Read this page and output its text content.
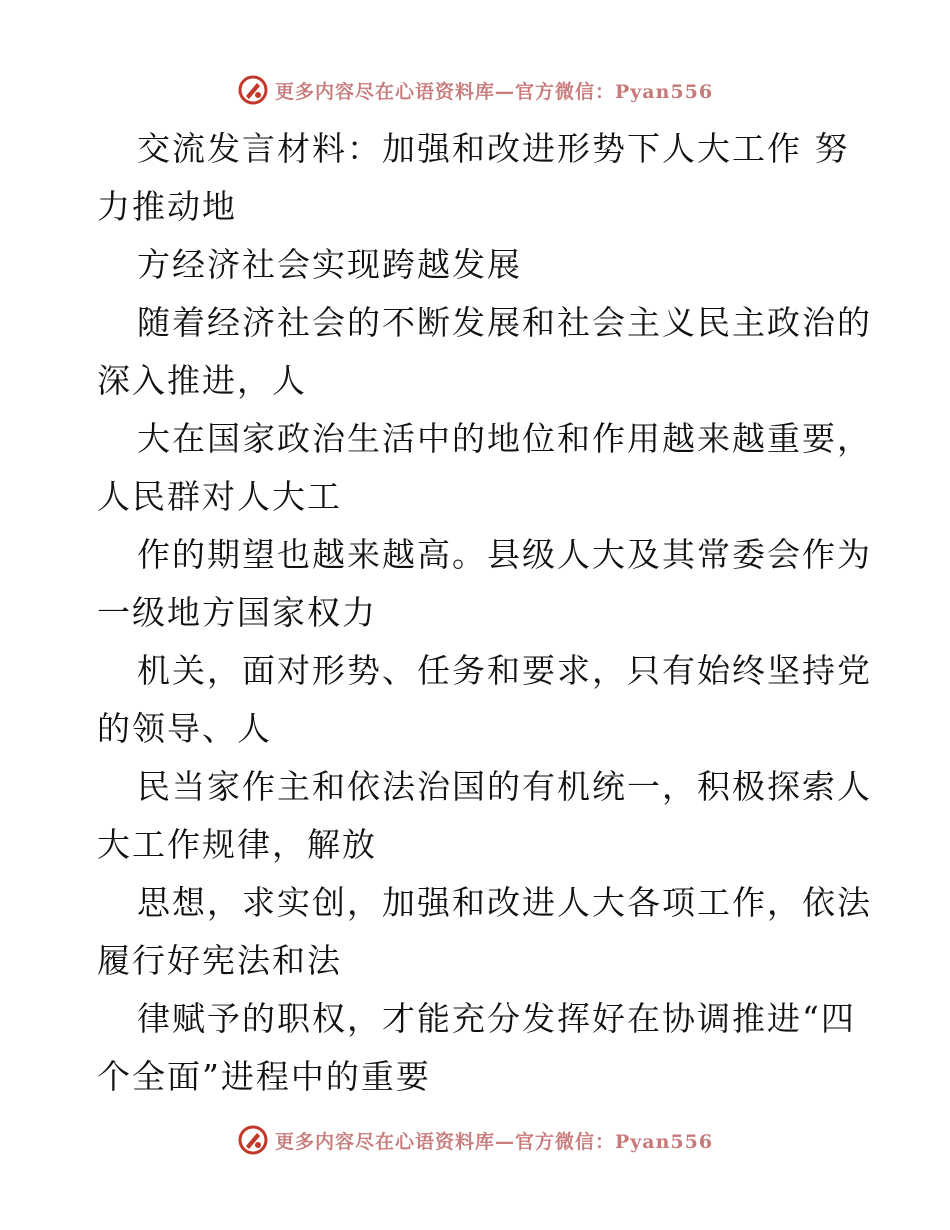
更多内容尽在心语资料库—官方微信：Pyan556
交流发言材料：加强和改进形势下人大工作 努
力推动地
方经济社会实现跨越发展
随着经济社会的不断发展和社会主义民主政治的
深入推进，人
大在国家政治生活中的地位和作用越来越重要，
人民群对人大工
作的期望也越来越高。县级人大及其常委会作为
一级地方国家权力
机关，面对形势、任务和要求，只有始终坚持党
的领导、人
民当家作主和依法治国的有机统一，积极探索人
大工作规律，解放
思想，求实创，加强和改进人大各项工作，依法
履行好宪法和法
律赋予的职权，才能充分发挥好在协调推进“四
个全面”进程中的重要
更多内容尽在心语资料库—官方微信：Pyan556
